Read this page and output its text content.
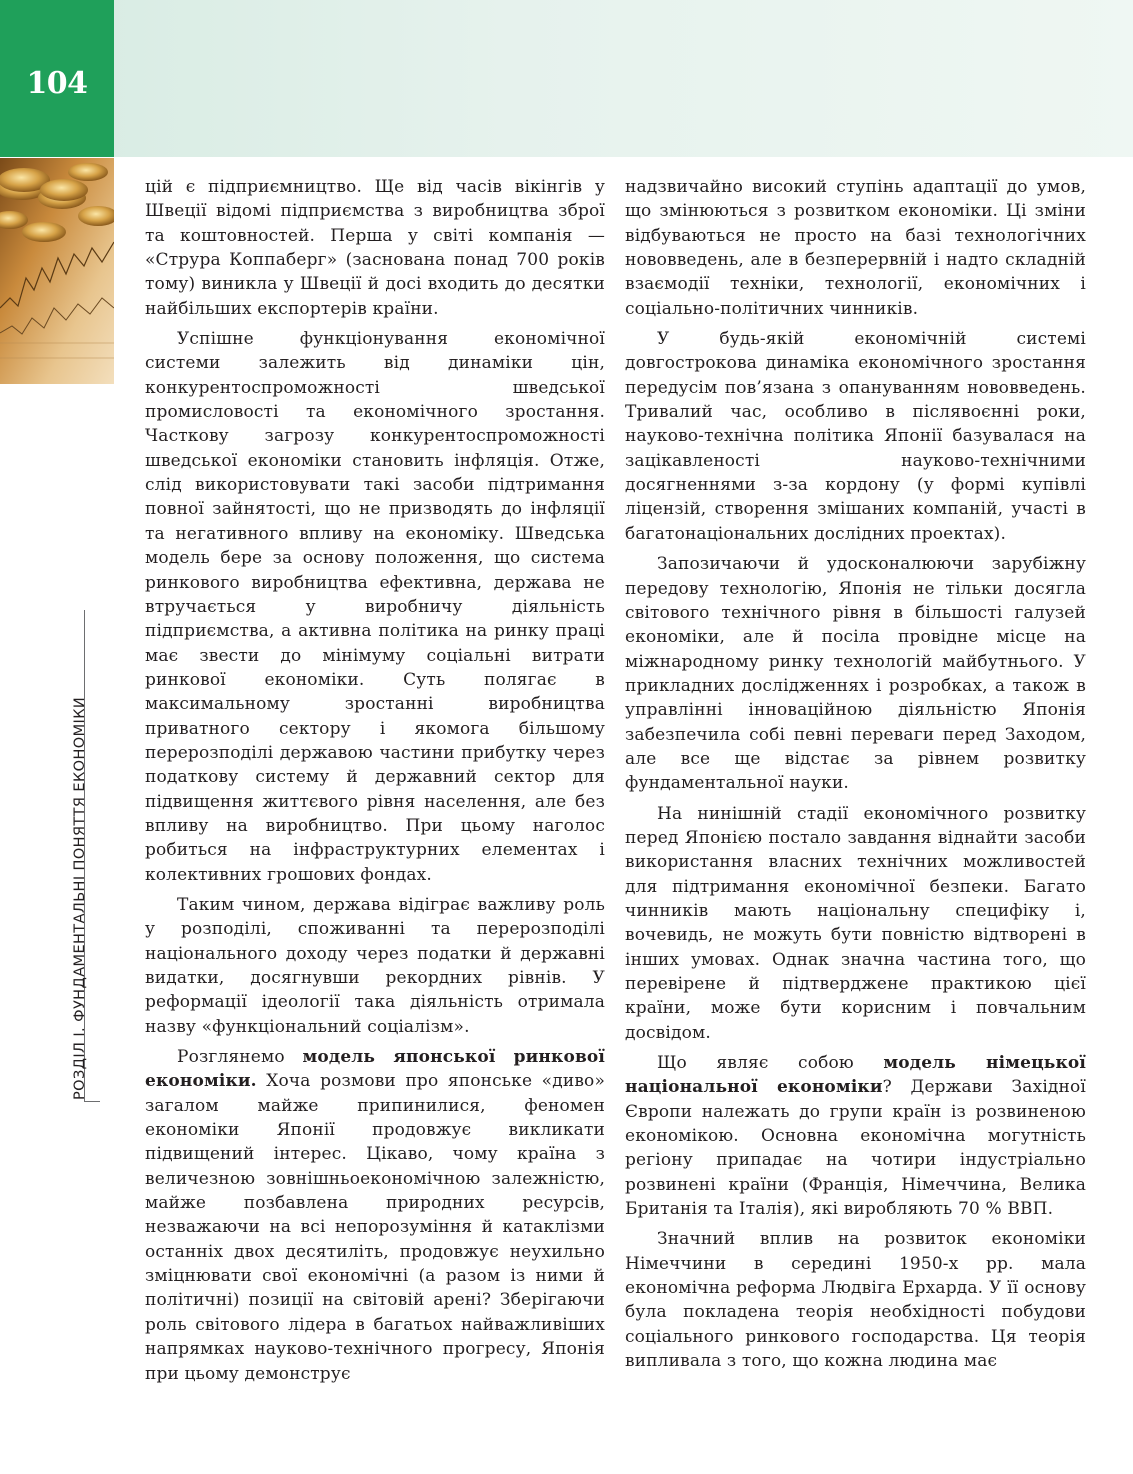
104
РОЗДІЛ І. ФУНДАМЕНТАЛЬНІ ПОНЯТТЯ ЕКОНОМІКИ

цій є підприємництво. Ще від часів вікінгів у Швеції відомі підприємства з виробництва зброї та коштовностей. Перша у світі компанія — «Струра Коппаберг» (заснована понад 700 років тому) виникла у Швеції й досі входить до десятки найбільших експортерів країни.

Успішне функціонування економічної системи залежить від динаміки цін, конкурентоспроможності шведської промисловості та економічного зростання. Часткову загрозу конкурентоспроможності шведської економіки становить інфляція. Отже, слід використовувати такі засоби підтримання повної зайнятості, що не призводять до інфляції та негативного впливу на економіку. Шведська модель бере за основу положення, що система ринкового виробництва ефективна, держава не втручається у виробничу діяльність підприємства, а активна політика на ринку праці має звести до мінімуму соціальні витрати ринкової економіки. Суть полягає в максимальному зростанні виробництва приватного сектору і якомога більшому перерозподілі державою частини прибутку через податкову систему й державний сектор для підвищення життєвого рівня населення, але без впливу на виробництво. При цьому наголос робиться на інфраструктурних елементах і колективних грошових фондах.

Таким чином, держава відіграє важливу роль у розподілі, споживанні та перерозподілі національного доходу через податки й державні видатки, досягнувши рекордних рівнів. У реформації ідеології така діяльність отримала назву «функціональний соціалізм».

Розглянемо модель японської ринкової економіки. Хоча розмови про японське «диво» загалом майже припинилися, феномен економіки Японії продовжує викликати підвищений інтерес. Цікаво, чому країна з величезною зовнішньоекономічною залежністю, майже позбавлена природних ресурсів, незважаючи на всі непорозуміння й катаклізми останніх двох десятиліть, продовжує неухильно зміцнювати свої економічні (а разом із ними й політичні) позиції на світовій арені? Зберігаючи роль світового лідера в багатьох найважливіших напрямках науково-технічного прогресу, Японія при цьому демонструє

надзвичайно високий ступінь адаптації до умов, що змінюються з розвитком економіки. Ці зміни відбуваються не просто на базі технологічних нововведень, але в безперервній і надто складній взаємодії техніки, технології, економічних і соціально-політичних чинників.

У будь-якій економічній системі довгострокова динаміка економічного зростання передусім пов’язана з опануванням нововведень. Тривалий час, особливо в післявоєнні роки, науково-технічна політика Японії базувалася на зацікавленості науково-технічними досягненнями з-за кордону (у формі купівлі ліцензій, створення змішаних компаній, участі в багатонаціональних дослідних проектах).

Запозичаючи й удосконалюючи зарубіжну передову технологію, Японія не тільки досягла світового технічного рівня в більшості галузей економіки, але й посіла провідне місце на міжнародному ринку технологій майбутнього. У прикладних дослідженнях і розробках, а також в управлінні інноваційною діяльністю Японія забезпечила собі певні переваги перед Заходом, але все ще відстає за рівнем розвитку фундаментальної науки.

На нинішній стадії економічного розвитку перед Японією постало завдання віднайти засоби використання власних технічних можливостей для підтримання економічної безпеки. Багато чинників мають національну специфіку і, вочевидь, не можуть бути повністю відтворені в інших умовах. Однак значна частина того, що перевірене й підтверджене практикою цієї країни, може бути корисним і повчальним досвідом.

Що являє собою модель німецької національної економіки? Держави Західної Європи належать до групи країн із розвиненою економікою. Основна економічна могутність регіону припадає на чотири індустріально розвинені країни (Франція, Німеччина, Велика Британія та Італія), які виробляють 70 % ВВП.

Значний вплив на розвиток економіки Німеччини в середині 1950-х рр. мала економічна реформа Людвіга Ерхарда. У її основу була покладена теорія необхідності побудови соціального ринкового господарства. Ця теорія випливала з того, що кожна людина має
